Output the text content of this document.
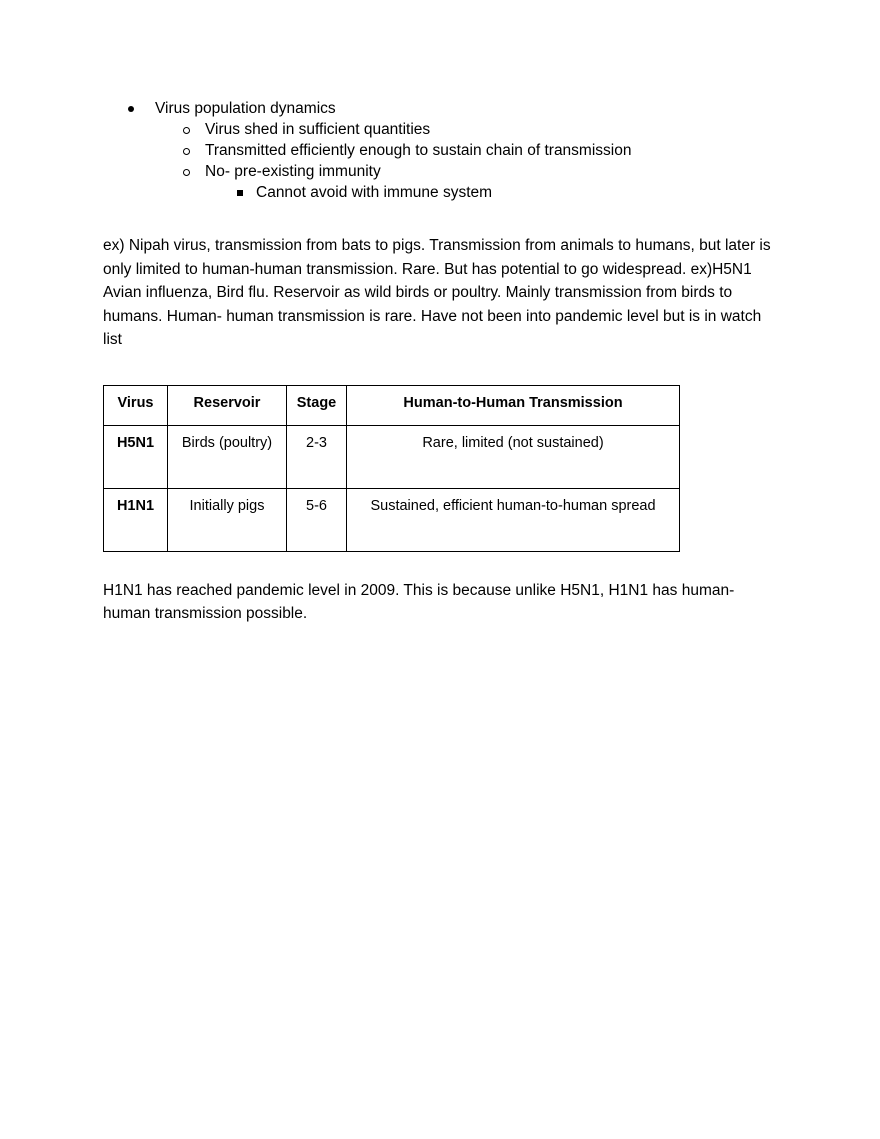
Virus population dynamics
Virus shed in sufficient quantities
Transmitted efficiently enough to sustain chain of transmission
No- pre-existing immunity
Cannot avoid with immune system

ex) Nipah virus, transmission from bats to pigs. Transmission from animals to humans, but later is only limited to human-human transmission. Rare. But has potential to go widespread. ex)H5N1 Avian influenza, Bird flu. Reservoir as wild birds or poultry. Mainly transmission from birds to humans. Human- human transmission is rare. Have not been into pandemic level but is in watch list

Virus	Reservoir	Stage	Human-to-Human Transmission
H5N1	Birds (poultry)	2-3	Rare, limited (not sustained)
H1N1	Initially pigs	5-6	Sustained, efficient human-to-human spread

H1N1 has reached pandemic level in 2009. This is because unlike H5N1, H1N1 has human-human transmission possible.
